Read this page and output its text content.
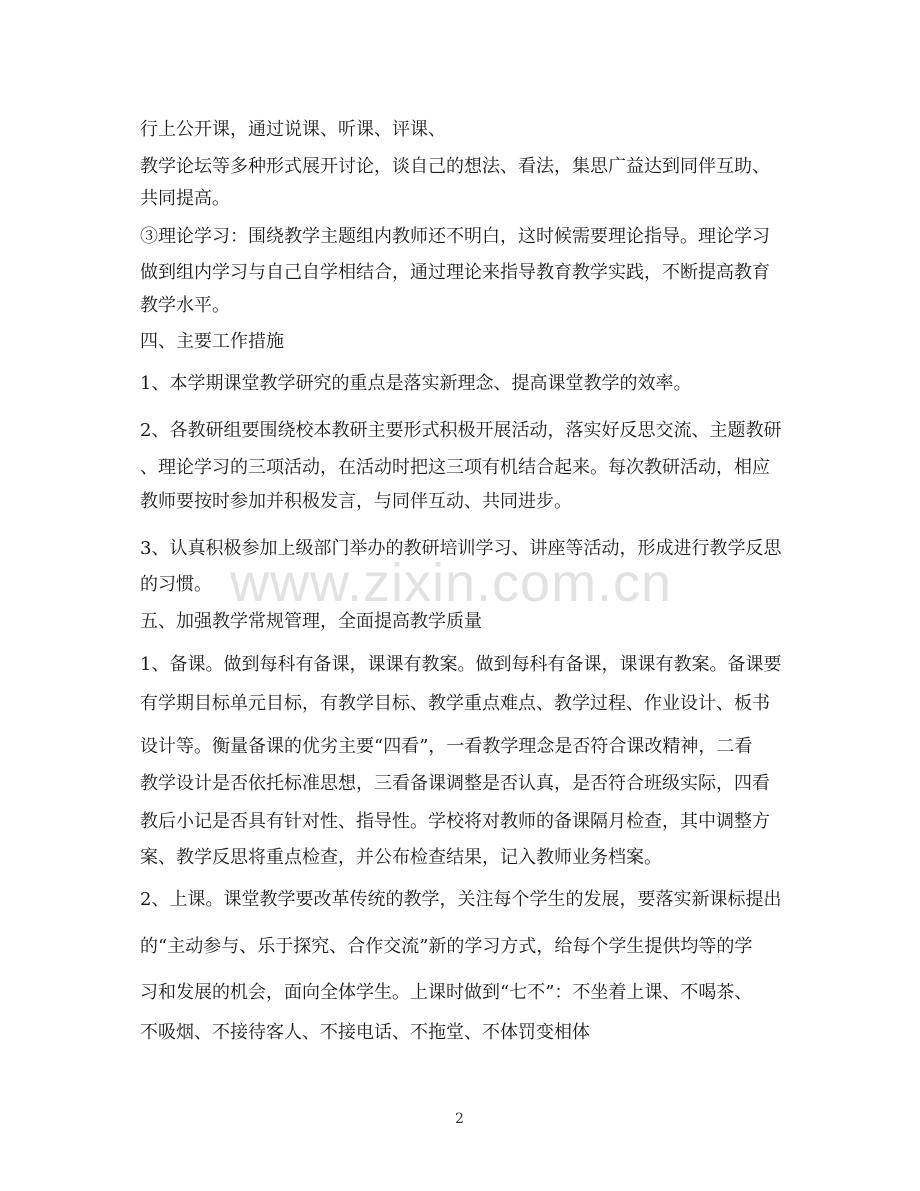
行上公开课，通过说课、听课、评课、
教学论坛等多种形式展开讨论，谈自己的想法、看法，集思广益达到同伴互助、
共同提高。
③理论学习：围绕教学主题组内教师还不明白，这时候需要理论指导。理论学习
做到组内学习与自己自学相结合，通过理论来指导教育教学实践，不断提高教育
教学水平。
四、主要工作措施
1、本学期课堂教学研究的重点是落实新理念、提高课堂教学的效率。
2、各教研组要围绕校本教研主要形式积极开展活动，落实好反思交流、主题教研
、理论学习的三项活动，在活动时把这三项有机结合起来。每次教研活动，相应
教师要按时参加并积极发言，与同伴互动、共同进步。
3、认真积极参加上级部门举办的教研培训学习、讲座等活动，形成进行教学反思
的习惯。
五、加强教学常规管理，全面提高教学质量
1、备课。做到每科有备课，课课有教案。做到每科有备课，课课有教案。备课要
有学期目标单元目标，有教学目标、教学重点难点、教学过程、作业设计、板书
设计等。衡量备课的优劣主要“四看”，一看教学理念是否符合课改精神，二看
教学设计是否依托标准思想，三看备课调整是否认真，是否符合班级实际，四看
教后小记是否具有针对性、指导性。学校将对教师的备课隔月检查，其中调整方
案、教学反思将重点检查，并公布检查结果，记入教师业务档案。
2、上课。课堂教学要改革传统的教学，关注每个学生的发展，要落实新课标提出
的“主动参与、乐于探究、合作交流”新的学习方式，给每个学生提供均等的学
习和发展的机会，面向全体学生。上课时做到“七不”：不坐着上课、不喝茶、
不吸烟、不接待客人、不接电话、不拖堂、不体罚变相体
www.zixin.com.cn
2
